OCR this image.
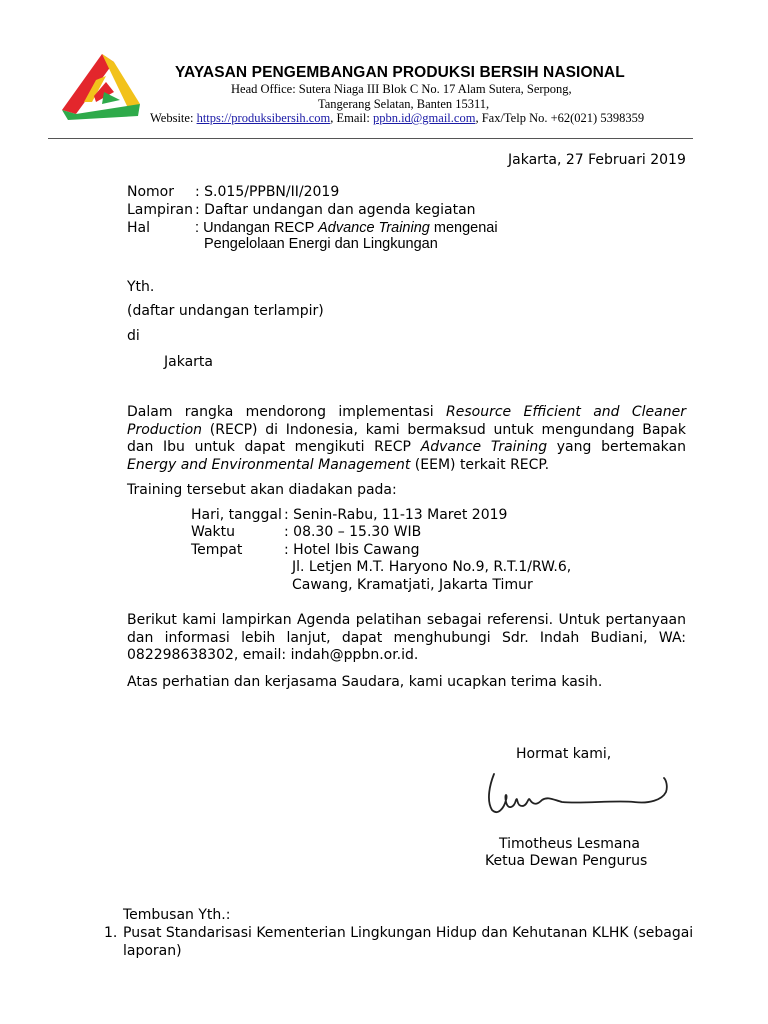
YAYASAN PENGEMBANGAN PRODUKSI BERSIH NASIONAL
Head Office: Sutera Niaga III Blok C No. 17 Alam Sutera, Serpong,
Tangerang Selatan, Banten 15311,
Website: https://produksibersih.com, Email: ppbn.id@gmail.com, Fax/Telp No. +62(021) 5398359
Jakarta, 27 Februari 2019
Nomor : S.015/PPBN/II/2019
Lampiran : Daftar undangan dan agenda kegiatan
Hal	: Undangan RECP Advance Training mengenai
Pengelolaan Energi dan Lingkungan
Yth.
(daftar undangan terlampir)
di
Jakarta
Dalam rangka mendorong implementasi Resource Efficient and Cleaner Production (RECP) di Indonesia, kami bermaksud untuk mengundang Bapak dan Ibu untuk dapat mengikuti RECP Advance Training yang bertemakan Energy and Environmental Management (EEM) terkait RECP.
Training tersebut akan diadakan pada:
Hari, tanggal : Senin-Rabu, 11-13 Maret 2019
Waktu	: 08.30 – 15.30 WIB
Tempat	: Hotel Ibis Cawang
Jl. Letjen M.T. Haryono No.9, R.T.1/RW.6,
Cawang, Kramatjati, Jakarta Timur
Berikut kami lampirkan Agenda pelatihan sebagai referensi. Untuk pertanyaan dan informasi lebih lanjut, dapat menghubungi Sdr. Indah Budiani, WA: 082298638302, email: indah@ppbn.or.id.
Atas perhatian dan kerjasama Saudara, kami ucapkan terima kasih.
Hormat kami,
Timotheus Lesmana
Ketua Dewan Pengurus
Tembusan Yth.:
1. Pusat Standarisasi Kementerian Lingkungan Hidup dan Kehutanan KLHK (sebagai
laporan)
